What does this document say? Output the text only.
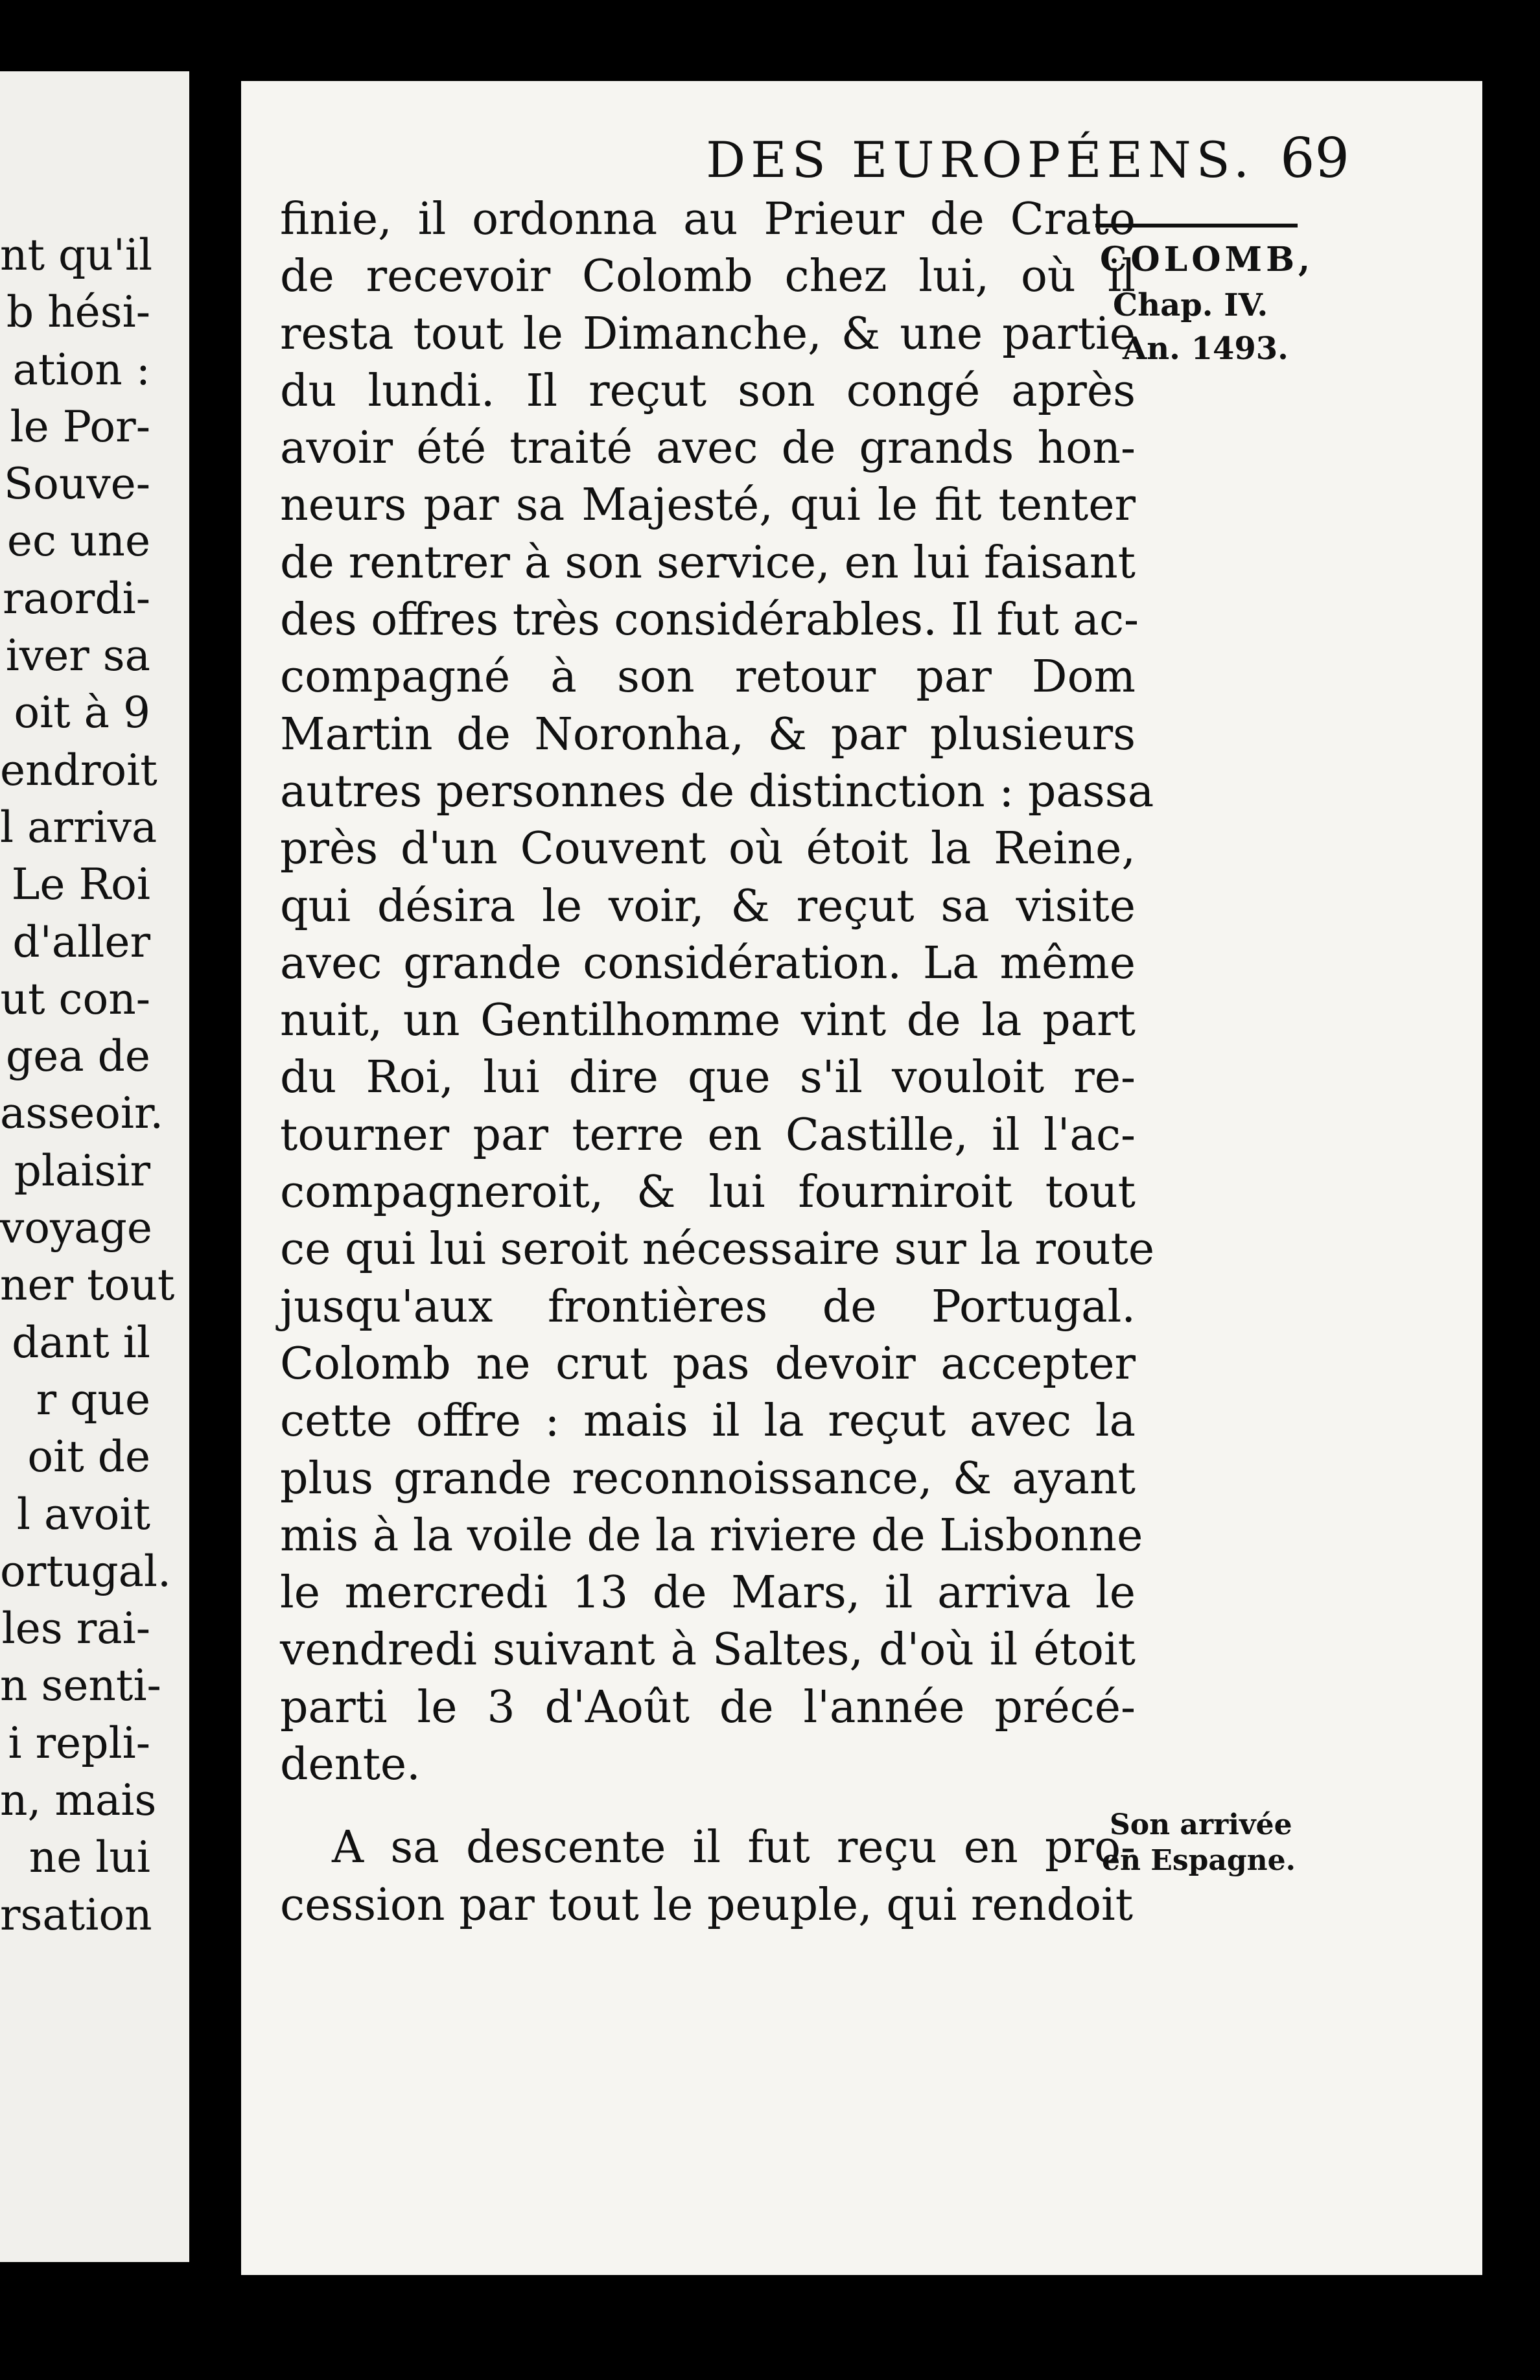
nt qu'il
b hési-
ation :
le Por-
Souve-
ec une
raordi-
iver sa
oit à 9
endroit
l arriva
Le Roi
d'aller
ut con-
gea de
asseoir.
plaisir
voyage
ner tout
dant il
r que
oit de
l avoit
ortugal.
les rai-
n senti-
i repli-
n, mais
ne lui
rsation
DES EUROPÉENS. 69
finie, il ordonna au Prieur de Crato
de recevoir Colomb chez lui, où il
resta tout le Dimanche, & une partie
du lundi. Il reçut son congé après
avoir été traité avec de grands hon-
neurs par sa Majesté, qui le fit tenter
de rentrer à son service, en lui faisant
des offres très considérables. Il fut ac-
compagné à son retour par Dom
Martin de Noronha, & par plusieurs
autres personnes de distinction : passa
près d'un Couvent où étoit la Reine,
qui désira le voir, & reçut sa visite
avec grande considération. La même
nuit, un Gentilhomme vint de la part
du Roi, lui dire que s'il vouloit re-
tourner par terre en Castille, il l'ac-
compagneroit, & lui fourniroit tout
ce qui lui seroit nécessaire sur la route
jusqu'aux frontières de Portugal.
Colomb ne crut pas devoir accepter
cette offre : mais il la reçut avec la
plus grande reconnoissance, & ayant
mis à la voile de la riviere de Lisbonne
le mercredi 13 de Mars, il arriva le
vendredi suivant à Saltes, d'où il étoit
parti le 3 d'Août de l'année précé-
dente.
A sa descente il fut reçu en pro-
cession par tout le peuple, qui rendoit
COLOMB,
Chap. IV.
An. 1493.
Son arrivée
en Espagne.
